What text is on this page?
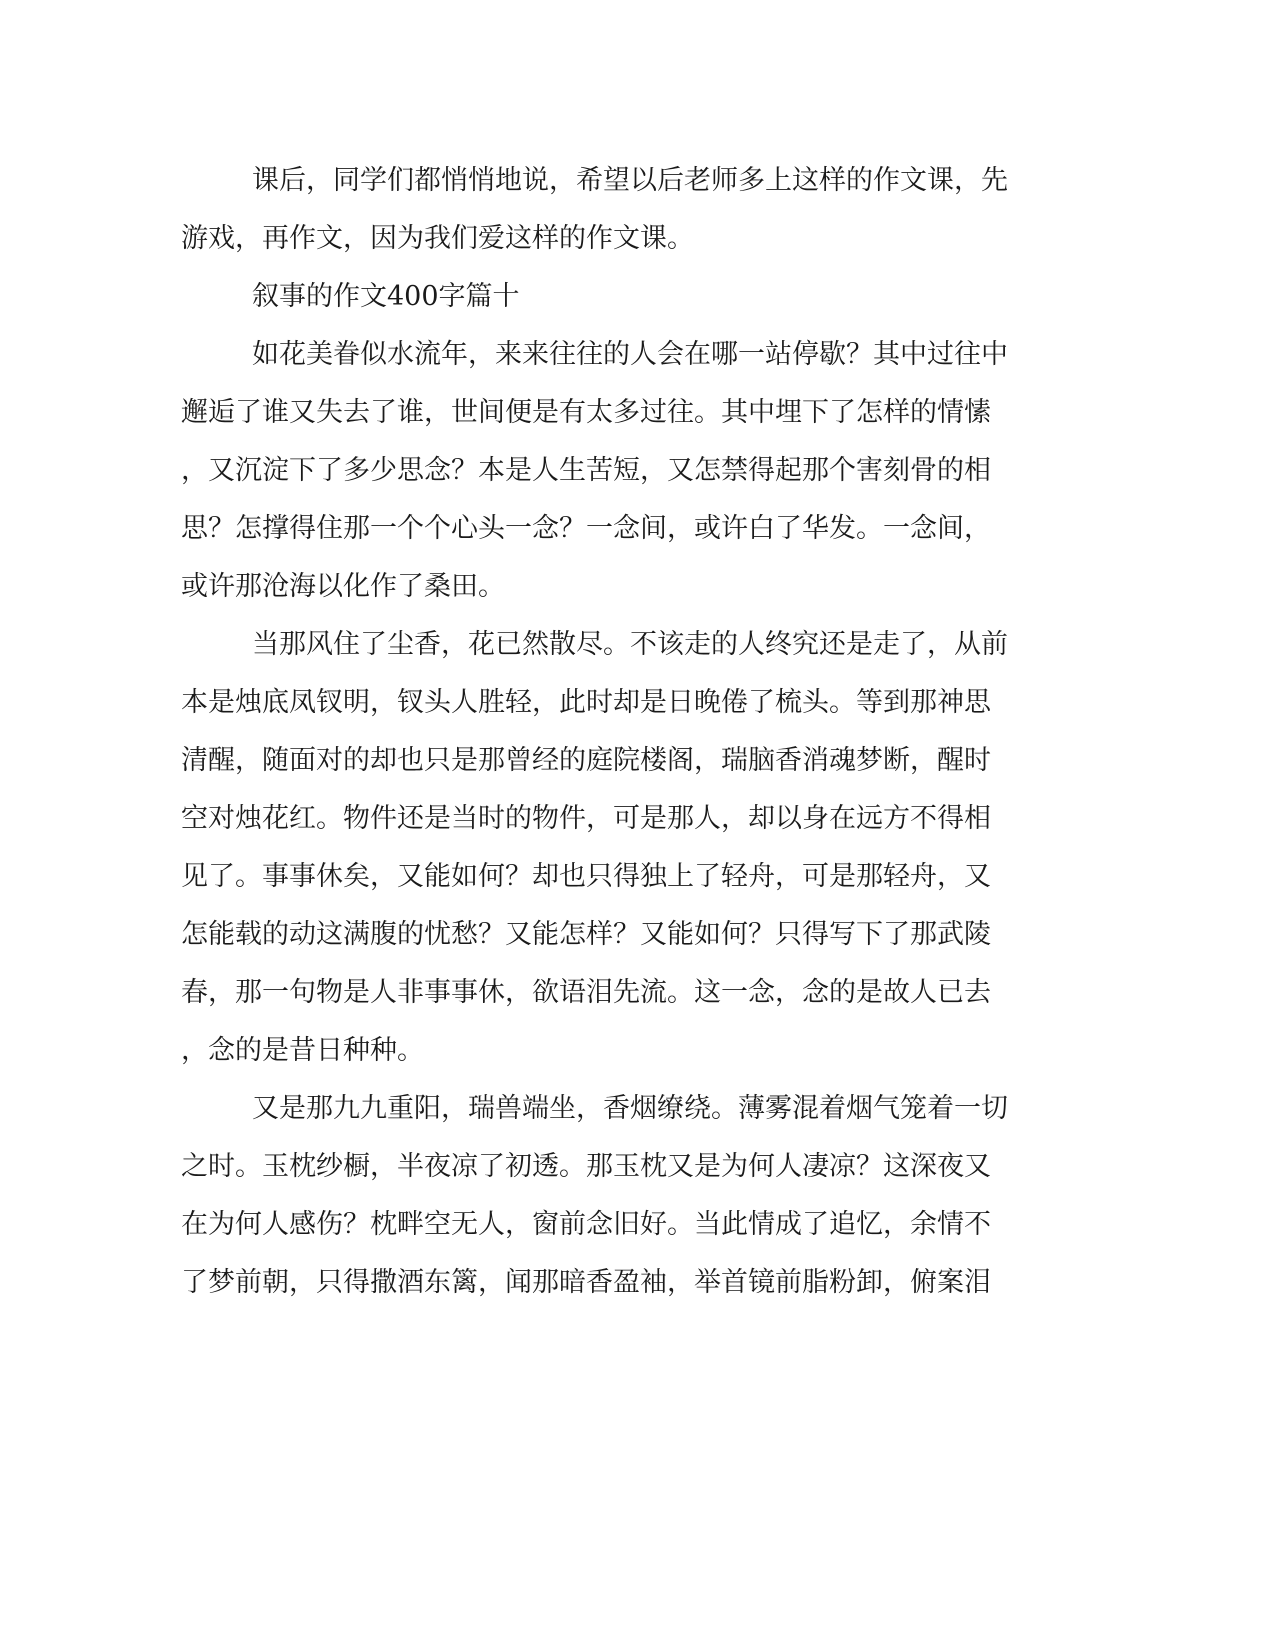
课后，同学们都悄悄地说，希望以后老师多上这样的作文课，先
游戏，再作文，因为我们爱这样的作文课。
叙事的作文400字篇十
如花美眷似水流年，来来往往的人会在哪一站停歇？其中过往中
邂逅了谁又失去了谁，世间便是有太多过往。其中埋下了怎样的情愫
，又沉淀下了多少思念？本是人生苦短，又怎禁得起那个害刻骨的相
思？怎撑得住那一个个心头一念？一念间，或许白了华发。一念间，
或许那沧海以化作了桑田。
当那风住了尘香，花已然散尽。不该走的人终究还是走了，从前
本是烛底凤钗明，钗头人胜轻，此时却是日晚倦了梳头。等到那神思
清醒，随面对的却也只是那曾经的庭院楼阁，瑞脑香消魂梦断，醒时
空对烛花红。物件还是当时的物件，可是那人，却以身在远方不得相
见了。事事休矣，又能如何？却也只得独上了轻舟，可是那轻舟，又
怎能载的动这满腹的忧愁？又能怎样？又能如何？只得写下了那武陵
春，那一句物是人非事事休，欲语泪先流。这一念，念的是故人已去
，念的是昔日种种。
又是那九九重阳，瑞兽端坐，香烟缭绕。薄雾混着烟气笼着一切
之时。玉枕纱橱，半夜凉了初透。那玉枕又是为何人凄凉？这深夜又
在为何人感伤？枕畔空无人，窗前念旧好。当此情成了追忆，余情不
了梦前朝，只得撒酒东篱，闻那暗香盈袖，举首镜前脂粉卸，俯案泪
